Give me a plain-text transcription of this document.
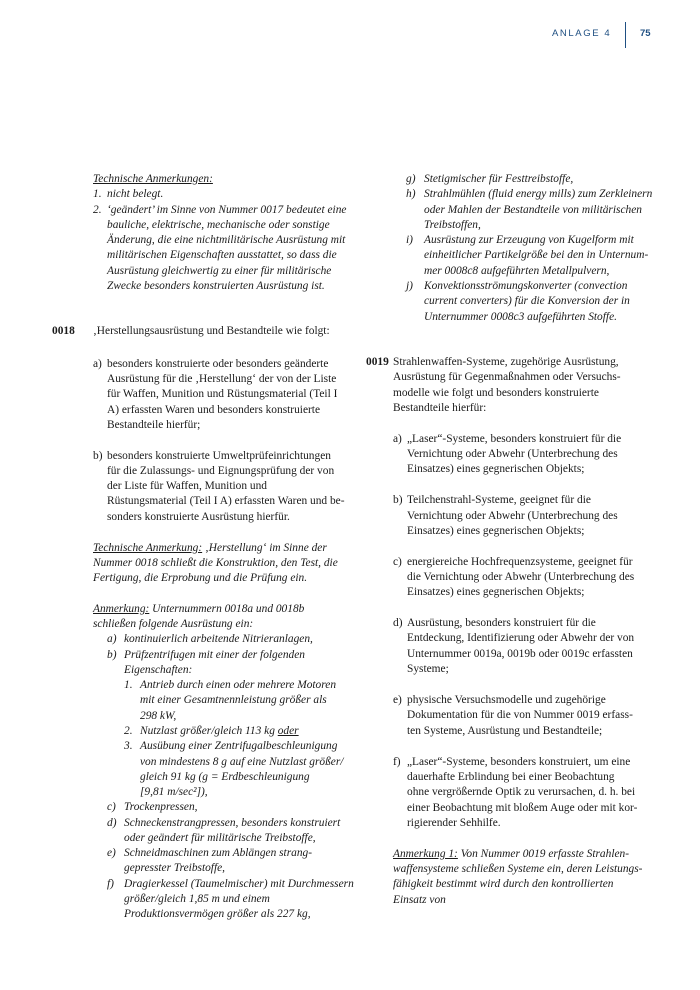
ANLAGE 4	75
Technische Anmerkungen:
1. nicht belegt.
2. ‘geändert’ im Sinne von Nummer 0017 bedeutet eine
bauliche, elektrische, mechanische oder sonstige
Änderung, die eine nichtmilitärische Ausrüstung mit
militärischen Eigenschaften ausstattet, so dass die
Ausrüstung gleichwertig zu einer für militärische
Zwecke besonders konstruierten Ausrüstung ist.
0018 ‚Herstellungsausrüstung und Bestandteile wie folgt:
a) besonders konstruierte oder besonders geänderte
Ausrüstung für die ‚Herstellung‘ der von der Liste
für Waffen, Munition und Rüstungsmaterial (Teil I
A) erfassten Waren und besonders konstruierte
Bestandteile hierfür;
b) besonders konstruierte Umweltprüfeinrichtungen
für die Zulassungs- und Eignungsprüfung der von
der Liste für Waffen, Munition und
Rüstungsmaterial (Teil I A) erfassten Waren und be-
sonders konstruierte Ausrüstung hierfür.
Technische Anmerkung: ‚Herstellung‘ im Sinne der
Nummer 0018 schließt die Konstruktion, den Test, die
Fertigung, die Erprobung und die Prüfung ein.
Anmerkung: Unternummern 0018a und 0018b
schließen folgende Ausrüstung ein:
a) kontinuierlich arbeitende Nitrieranlagen,
b) Prüfzentrifugen mit einer der folgenden
Eigenschaften:
1. Antrieb durch einen oder mehrere Motoren
mit einer Gesamtnennleistung größer als
298 kW,
2. Nutzlast größer/gleich 113 kg oder
3. Ausübung einer Zentrifugalbeschleunigung
von mindestens 8 g auf eine Nutzlast größer/
gleich 91 kg (g = Erdbeschleunigung
[9,81 m/sec²]),
c) Trockenpressen,
d) Schneckenstrangpressen, besonders konstruiert
oder geändert für militärische Treibstoffe,
e) Schneidmaschinen zum Ablängen strang-
gepresster Treibstoffe,
f) Dragierkessel (Taumelmischer) mit Durchmessern
größer/gleich 1,85 m und einem
Produktionsvermögen größer als 227 kg,
g) Stetigmischer für Festtreibstoffe,
h) Strahlmühlen (fluid energy mills) zum Zerkleinern
oder Mahlen der Bestandteile von militärischen
Treibstoffen,
i) Ausrüstung zur Erzeugung von Kugelform mit
einheitlicher Partikelgröße bei den in Unternum-
mer 0008c8 aufgeführten Metallpulvern,
j) Konvektionsströmungskonverter (convection
current converters) für die Konversion der in
Unternummer 0008c3 aufgeführten Stoffe.
0019 Strahlenwaffen-Systeme, zugehörige Ausrüstung,
Ausrüstung für Gegenmaßnahmen oder Versuchs-
modelle wie folgt und besonders konstruierte
Bestandteile hierfür:
a) „Laser“-Systeme, besonders konstruiert für die
Vernichtung oder Abwehr (Unterbrechung des
Einsatzes) eines gegnerischen Objekts;
b) Teilchenstrahl-Systeme, geeignet für die
Vernichtung oder Abwehr (Unterbrechung des
Einsatzes) eines gegnerischen Objekts;
c) energiereiche Hochfrequenzsysteme, geeignet für
die Vernichtung oder Abwehr (Unterbrechung des
Einsatzes) eines gegnerischen Objekts;
d) Ausrüstung, besonders konstruiert für die
Entdeckung, Identifizierung oder Abwehr der von
Unternummer 0019a, 0019b oder 0019c erfassten
Systeme;
e) physische Versuchsmodelle und zugehörige
Dokumentation für die von Nummer 0019 erfass-
ten Systeme, Ausrüstung und Bestandteile;
f) „Laser“-Systeme, besonders konstruiert, um eine
dauerhafte Erblindung bei einer Beobachtung
ohne vergrößernde Optik zu verursachen, d. h. bei
einer Beobachtung mit bloßem Auge oder mit kor-
rigierender Sehhilfe.
Anmerkung 1: Von Nummer 0019 erfasste Strahlen-
waffensysteme schließen Systeme ein, deren Leistungs-
fähigkeit bestimmt wird durch den kontrollierten
Einsatz von
